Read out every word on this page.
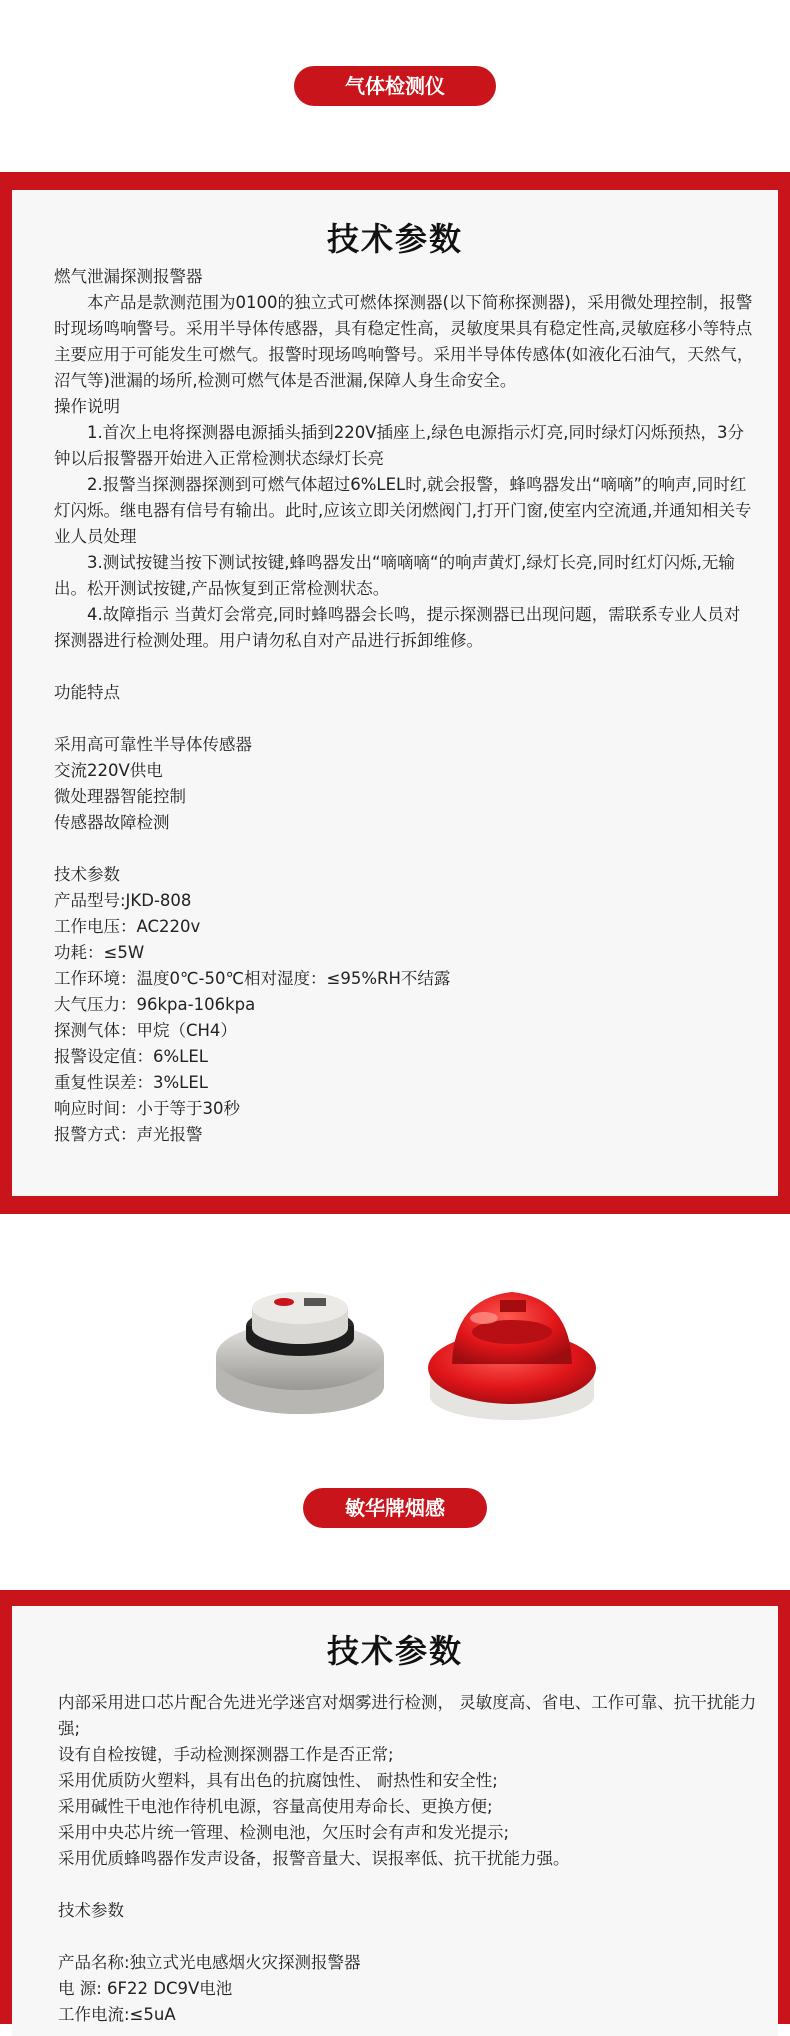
气体检测仪
技术参数
燃气泄漏探测报警器
本产品是款测范围为0100的独立式可燃体探测器(以下简称探测器)，采用微处理控制，报警时现场鸣响警号。采用半导体传感器，具有稳定性高，灵敏度果具有稳定性高,灵敏庭移小等特点主要应用于可能发生可燃气。报警时现场鸣响警号。采用半导体传感体(如液化石油气，天然气，沼气等)泄漏的场所,检测可燃气体是否泄漏,保障人身生命安全。
操作说明
1.首次上电将探测器电源插头插到220V插座上,绿色电源指示灯亮,同时绿灯闪烁预热，3分钟以后报警器开始进入正常检测状态绿灯长亮
2.报警当探测器探测到可燃气体超过6%LEL时,就会报警，蜂鸣器发出“嘀嘀”的响声,同时红灯闪烁。继电器有信号有输出。此时,应该立即关闭燃阀门,打开门窗,使室内空流通,并通知相关专业人员处理
3.测试按键当按下测试按键,蜂鸣器发出“嘀嘀嘀“的响声黄灯,绿灯长亮,同时红灯闪烁,无输出。松开测试按键,产品恢复到正常检测状态。
4.故障指示 当黄灯会常亮,同时蜂鸣器会长鸣，提示探测器已出现问题，需联系专业人员对探测器进行检测处理。用户请勿私自对产品进行拆卸维修。
功能特点
采用高可靠性半导体传感器
交流220V供电
微处理器智能控制
传感器故障检测
技术参数
产品型号:JKD-808
工作电压：AC220v
功耗：≤5W
工作环境：温度0℃-50℃相对湿度：≤95%RH不结露
大气压力：96kpa-106kpa
探测气体：甲烷（CH4）
报警设定值：6%LEL
重复性误差：3%LEL
响应时间：小于等于30秒
报警方式：声光报警
敏华牌烟感
技术参数
内部采用进口芯片配合先进光学迷宫对烟雾进行检测， 灵敏度高、省电、工作可靠、抗干扰能力强;
设有自检按键，手动检测探测器工作是否正常;
采用优质防火塑料，具有出色的抗腐蚀性、 耐热性和安全性;
采用碱性干电池作待机电源，容量高使用寿命长、更换方便;
采用中央芯片统一管理、检测电池，欠压时会有声和发光提示;
采用优质蜂鸣器作发声设备，报警音量大、误报率低、抗干扰能力强。
技术参数
产品名称:独立式光电感烟火灾探测报警器
电 源: 6F22 DC9V电池
工作电流:≤5uA
